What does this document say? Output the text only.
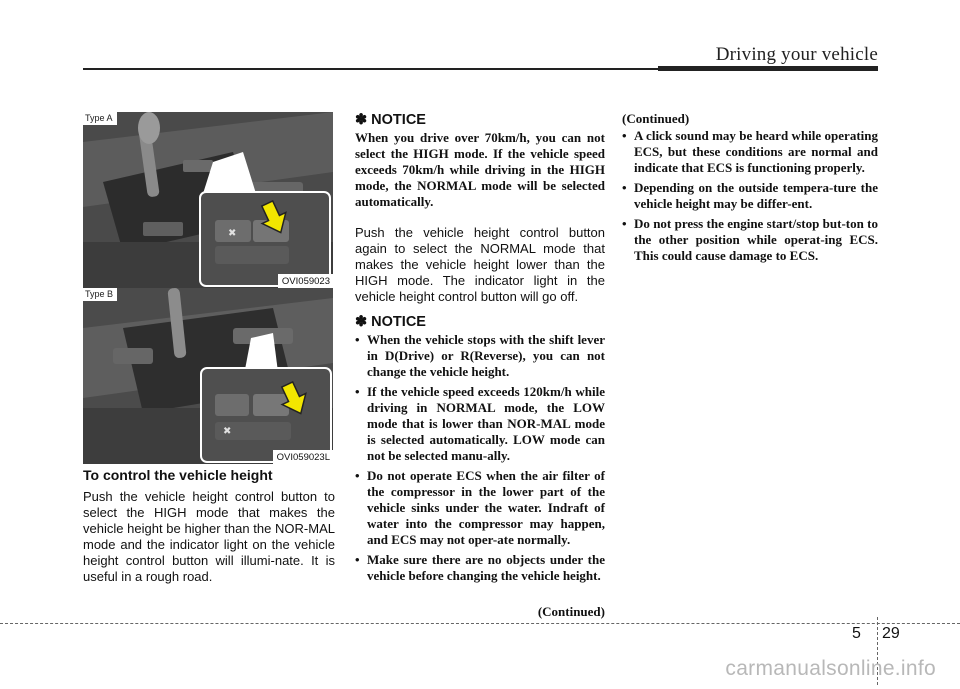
Driving your vehicle
✖
Type A
OVI059023
✖
Type B
OVI059023L
To control the vehicle height
Push the vehicle height control button to select the HIGH mode that makes the vehicle height be higher than the NOR-MAL mode and the indicator light on the vehicle height control button will illumi-nate. It is useful in a rough road.
✽ NOTICE
When you drive over 70km/h, you can not select the HIGH mode. If the vehicle speed exceeds 70km/h while driving in the HIGH mode, the NORMAL mode will be selected automatically.
Push the vehicle height control button again to select the NORMAL mode that makes the vehicle height lower than the HIGH mode. The indicator light in the vehicle height control button will go off.
✽ NOTICE
• When the vehicle stops with the shift lever in D(Drive) or R(Reverse), you can not change the vehicle height.
• If the vehicle speed exceeds 120km/h while driving in NORMAL mode, the LOW mode that is lower than NOR-MAL mode is selected automatically. LOW mode can not be selected manu-ally.
• Do not operate ECS when the air filter of the compressor in the lower part of the vehicle sinks under the water. Indraft of water into the compressor may happen, and ECS may not oper-ate normally.
• Make sure there are no objects under the vehicle before changing the vehicle height.
(Continued)
(Continued)
• A click sound may be heard while operating ECS, but these conditions are normal and indicate that ECS is functioning properly.
• Depending on the outside tempera-ture the vehicle height may be differ-ent.
• Do not press the engine start/stop but-ton to the other position while operat-ing ECS. This could cause damage to ECS.
5 29
carmanualsonline.info
